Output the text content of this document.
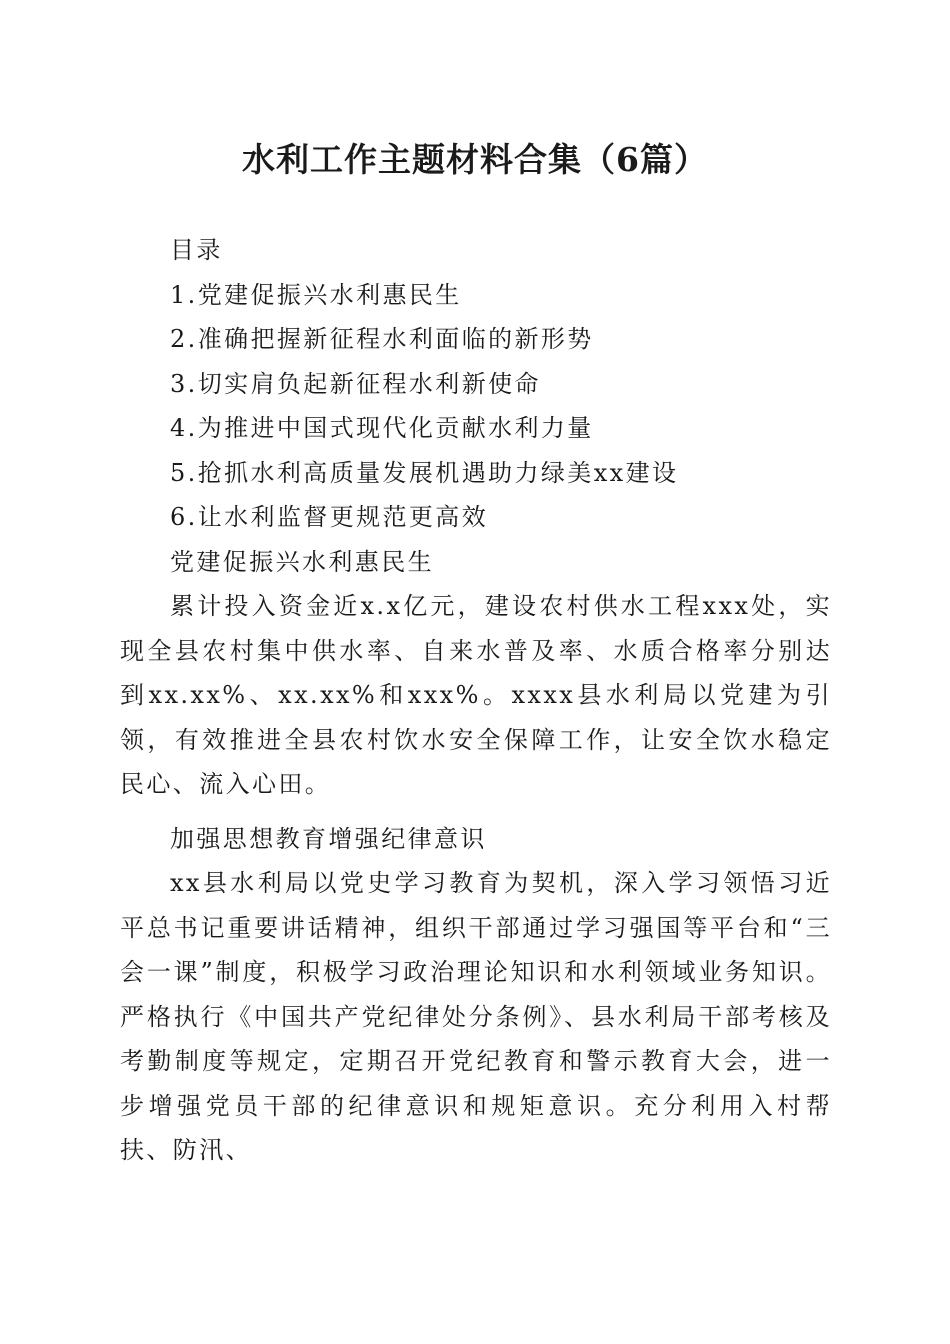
水利工作主题材料合集（6篇）

目录

1.党建促振兴水利惠民生

2.准确把握新征程水利面临的新形势

3.切实肩负起新征程水利新使命

4.为推进中国式现代化贡献水利力量

5.抢抓水利高质量发展机遇助力绿美xx建设

6.让水利监督更规范更高效

党建促振兴水利惠民生

累计投入资金近x.x亿元，建设农村供水工程xxx处，实现全县农村集中供水率、自来水普及率、水质合格率分别达到xx.xx%、xx.xx%和xxx%。xxxx县水利局以党建为引领，有效推进全县农村饮水安全保障工作，让安全饮水稳定民心、流入心田。

加强思想教育增强纪律意识

xx县水利局以党史学习教育为契机，深入学习领悟习近平总书记重要讲话精神，组织干部通过学习强国等平台和“三会一课”制度，积极学习政治理论知识和水利领域业务知识。严格执行《中国共产党纪律处分条例》、县水利局干部考核及考勤制度等规定，定期召开党纪教育和警示教育大会，进一步增强党员干部的纪律意识和规矩意识。充分利用入村帮扶、防汛、
